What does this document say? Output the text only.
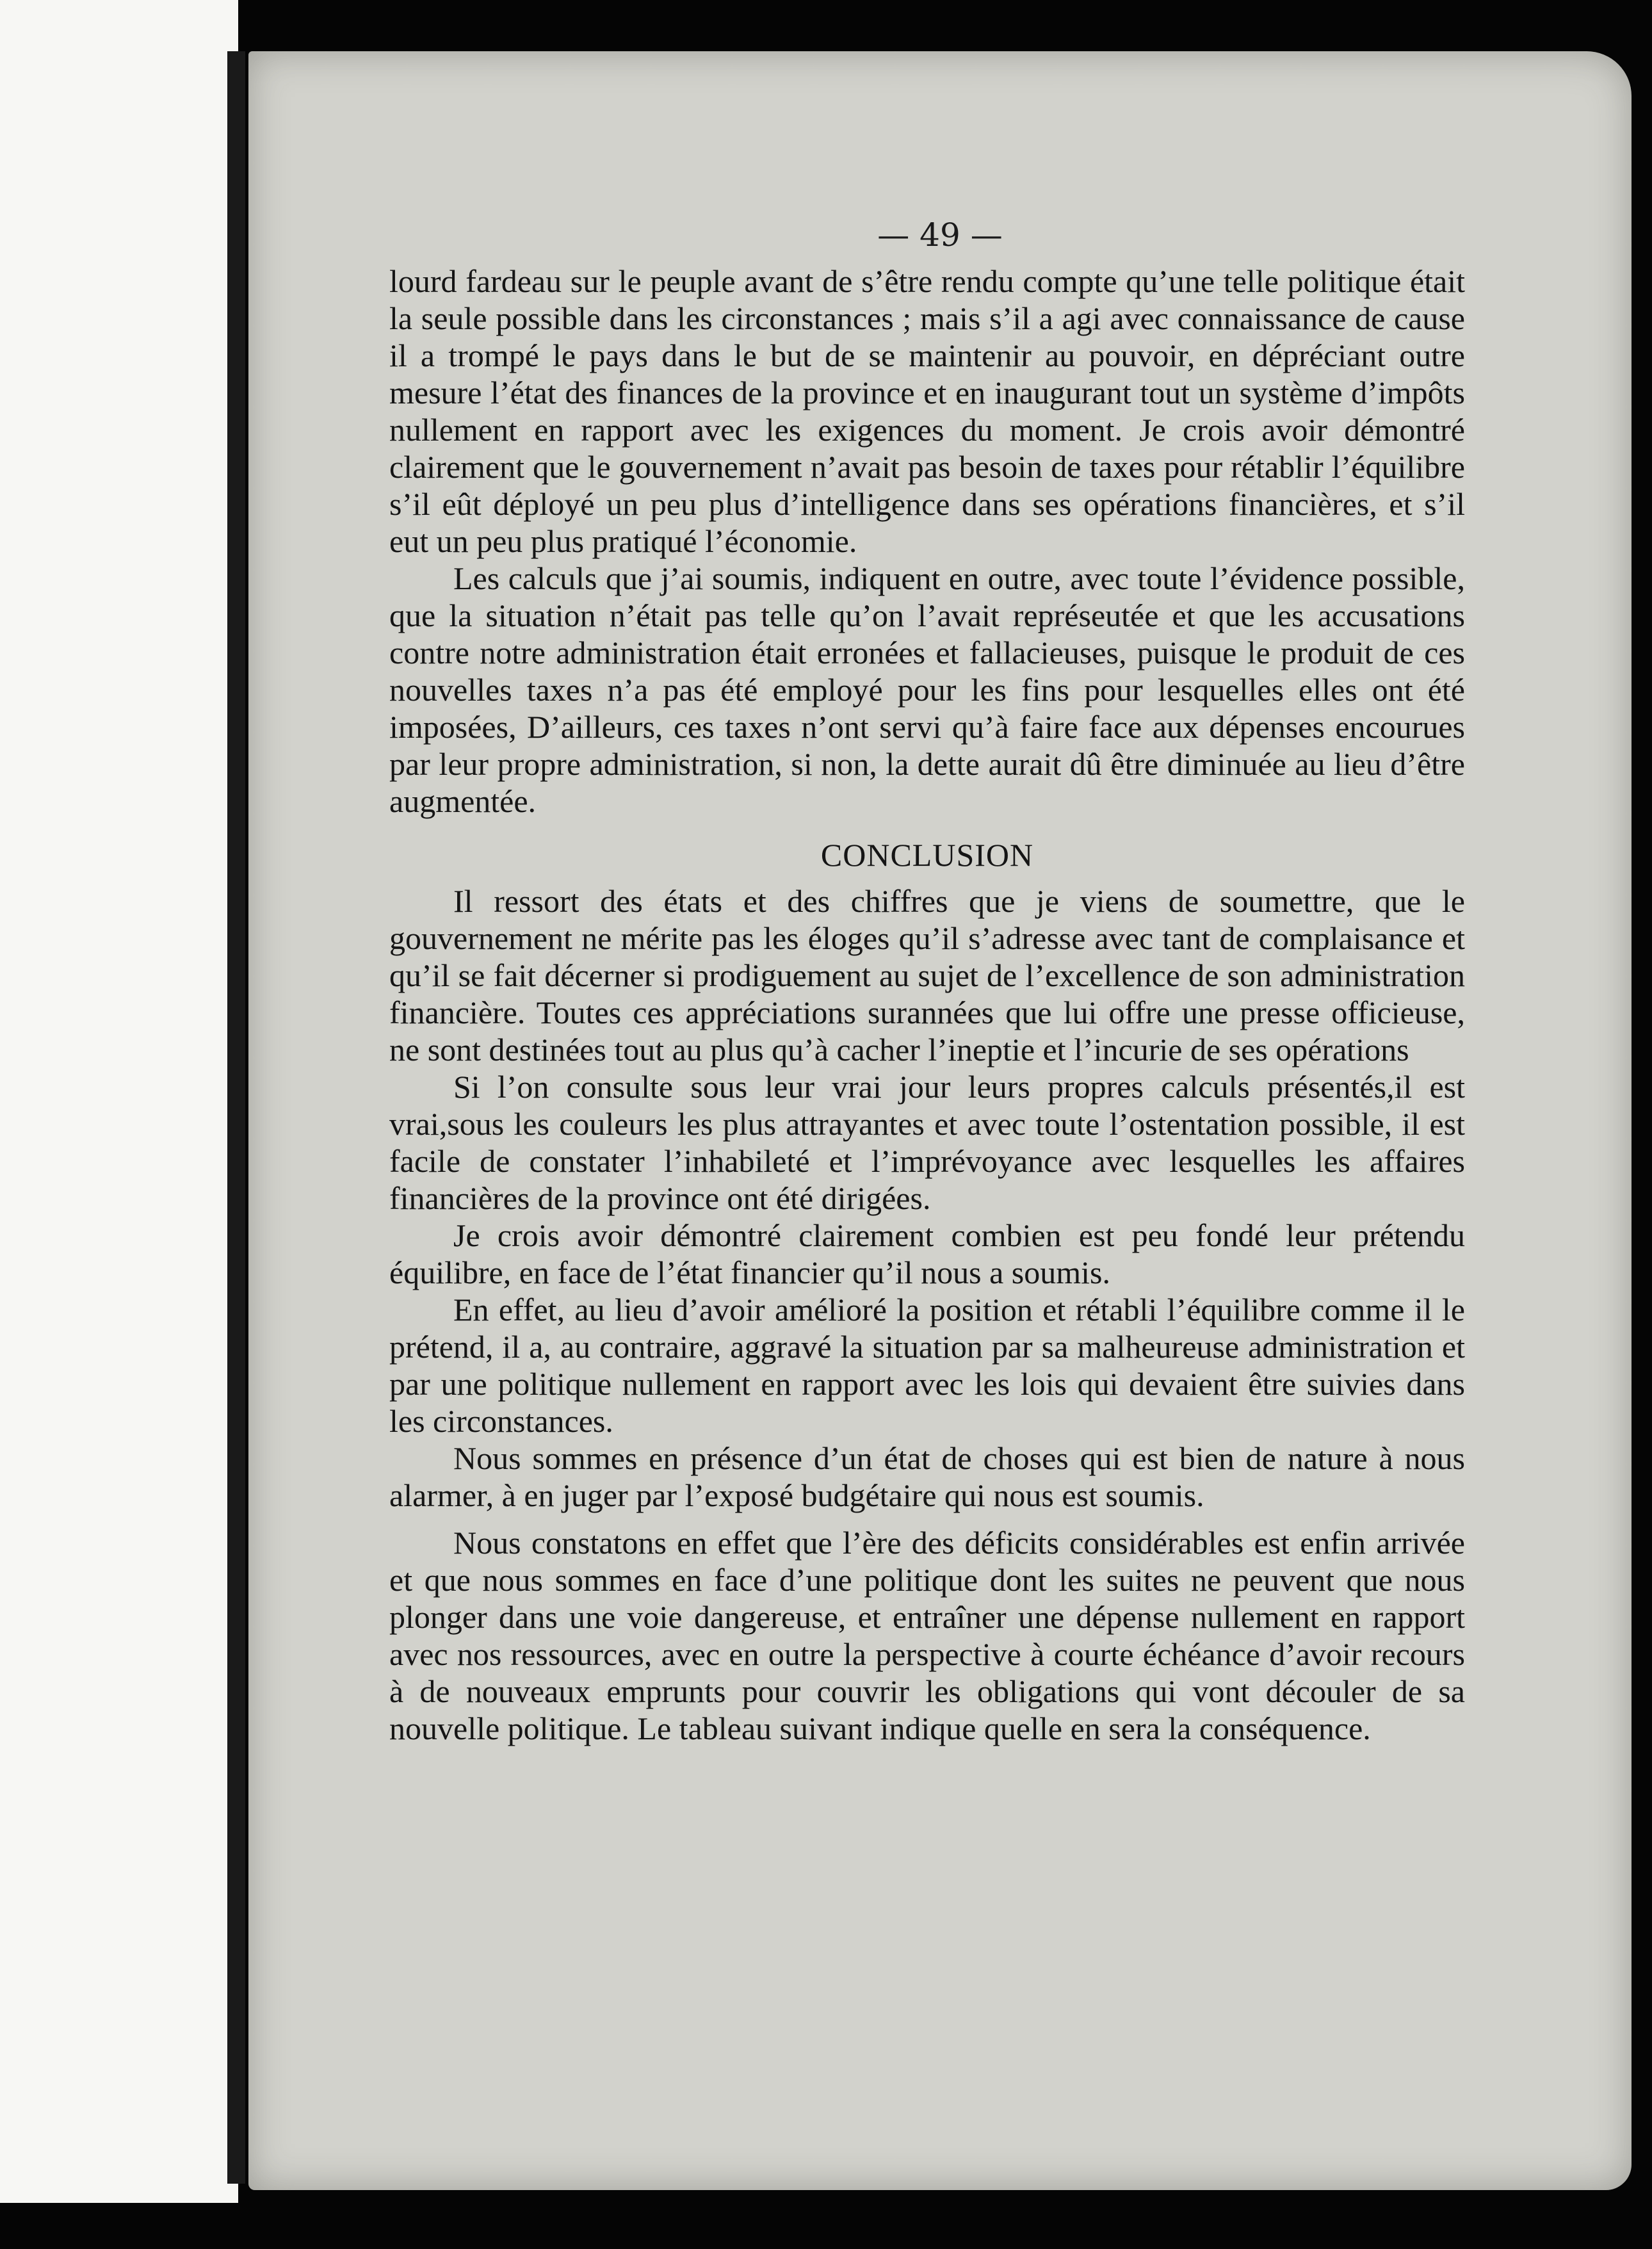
— 49 —

lourd fardeau sur le peuple avant de s’être rendu compte qu’une telle politique était la seule possible dans les circonstances ; mais s’il a agi avec connaissance de cause il a trompé le pays dans le but de se maintenir au pouvoir, en dépréciant outre mesure l’état des finances de la province et en inaugurant tout un système d’impôts nullement en rapport avec les exigences du moment. Je crois avoir démontré clairement que le gouvernement n’avait pas besoin de taxes pour rétablir l’équilibre s’il eût déployé un peu plus d’intelligence dans ses opérations financières, et s’il eut un peu plus pratiqué l’économie.

Les calculs que j’ai soumis, indiquent en outre, avec toute l’évidence possible, que la situation n’était pas telle qu’on l’avait représeutée et que les accusations contre notre administration était erronées et fallacieuses, puisque le produit de ces nouvelles taxes n’a pas été employé pour les fins pour lesquelles elles ont été imposées, D’ailleurs, ces taxes n’ont servi qu’à faire face aux dépenses encourues par leur propre administration, si non, la dette aurait dû être diminuée au lieu d’être augmentée.

CONCLUSION

Il ressort des états et des chiffres que je viens de soumettre, que le gouvernement ne mérite pas les éloges qu’il s’adresse avec tant de complaisance et qu’il se fait décerner si prodiguement au sujet de l’excellence de son administration financière. Toutes ces appréciations surannées que lui offre une presse officieuse, ne sont destinées tout au plus qu’à cacher l’ineptie et l’incurie de ses opérations

Si l’on consulte sous leur vrai jour leurs propres calculs présentés,il est vrai,sous les couleurs les plus attrayantes et avec toute l’ostentation possible, il est facile de constater l’inhabileté et l’imprévoyance avec lesquelles les affaires financières de la province ont été dirigées.

Je crois avoir démontré clairement combien est peu fondé leur prétendu équilibre, en face de l’état financier qu’il nous a soumis.

En effet, au lieu d’avoir amélioré la position et rétabli l’équilibre comme il le prétend, il a, au contraire, aggravé la situation par sa malheureuse administration et par une politique nullement en rapport avec les lois qui devaient être suivies dans les circonstances.

Nous sommes en présence d’un état de choses qui est bien de nature à nous alarmer, à en juger par l’exposé budgétaire qui nous est soumis.

Nous constatons en effet que l’ère des déficits considérables est enfin arrivée et que nous sommes en face d’une politique dont les suites ne peuvent que nous plonger dans une voie dangereuse, et entraîner une dépense nullement en rapport avec nos ressources, avec en outre la perspective à courte échéance d’avoir recours à de nouveaux emprunts pour couvrir les obligations qui vont découler de sa nouvelle politique. Le tableau suivant indique quelle en sera la conséquence.
